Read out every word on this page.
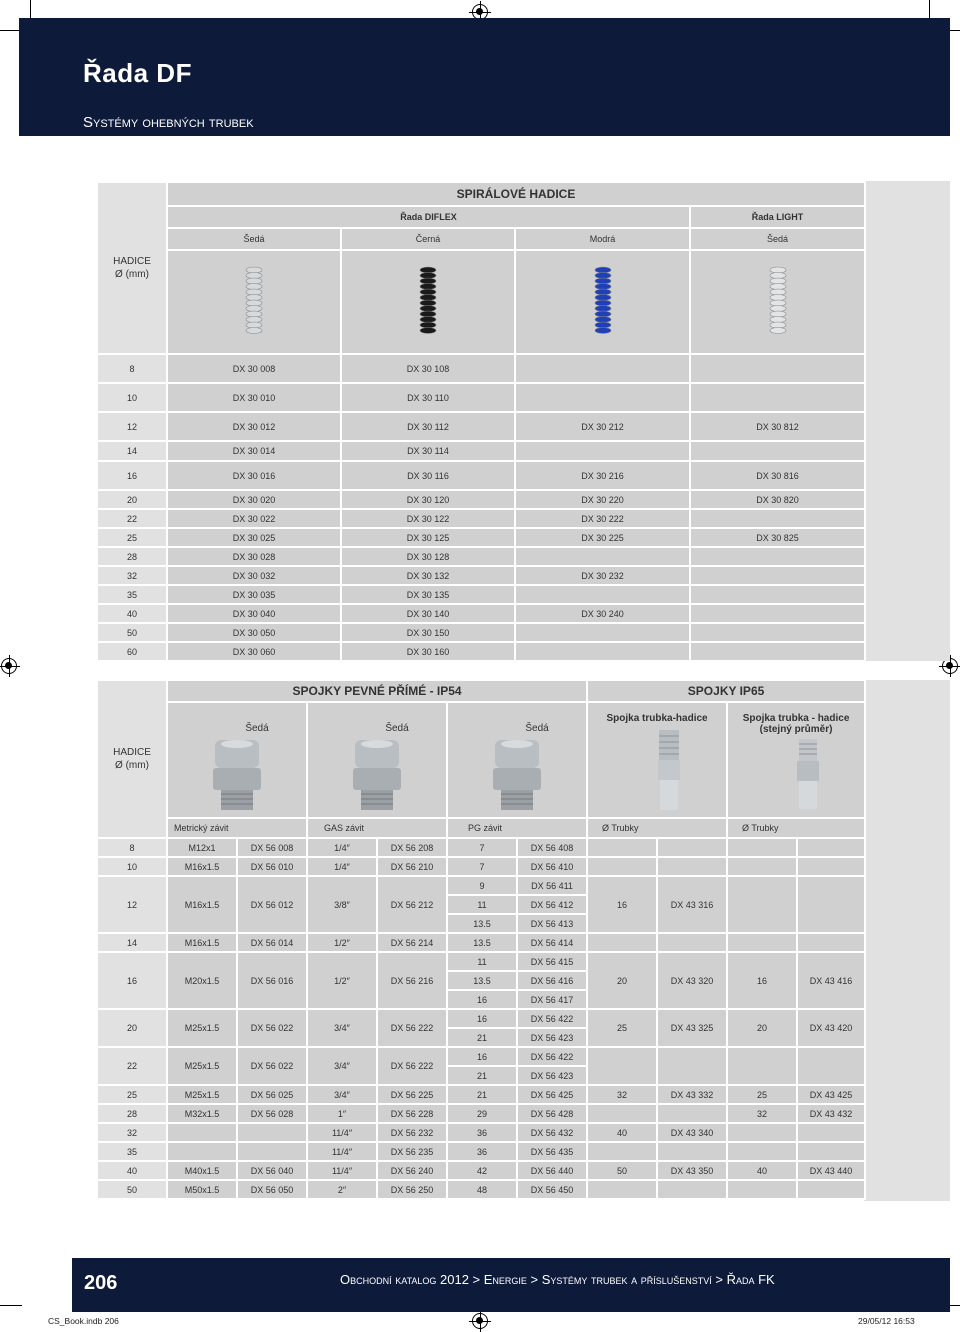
Řada DF
Systémy ohebných trubek
HADICE
Ø (mm)	SPIRÁLOVÉ HADICE			
	Řada DIFLEX			Řada LIGHT
	Šedá	Černá	Modrá	Šedá

8	DX 30 008	DX 30 108		
10	DX 30 010	DX 30 110		
12	DX 30 012	DX 30 112	DX 30 212	DX 30 812
14	DX 30 014	DX 30 114		
16	DX 30 016	DX 30 116	DX 30 216	DX 30 816
20	DX 30 020	DX 30 120	DX 30 220	DX 30 820
22	DX 30 022	DX 30 122	DX 30 222	
25	DX 30 025	DX 30 125	DX 30 225	DX 30 825
28	DX 30 028	DX 30 128		
32	DX 30 032	DX 30 132	DX 30 232	
35	DX 30 035	DX 30 135		
40	DX 30 040	DX 30 140	DX 30 240	
50	DX 30 050	DX 30 150		
60	DX 30 060	DX 30 160		
HADICE
Ø (mm)	SPOJKY PEVNÉ PŘÍMÉ - IP54						SPOJKY IP65			

	Šedá		Šedá		Šedá		Spojka trubka-hadice		Spojka trubka - hadice
(stejný průměr)	

	Metrický závit		GAS závit		PG závit		Ø Trubky		Ø Trubky	
8	M12x1	DX 56 008	1/4″	DX 56 208	7	DX 56 408				
10	M16x1.5	DX 56 010	1/4″	DX 56 210	7	DX 56 410				
12	M16x1.5	DX 56 012	3/8″	DX 56 212	9	DX 56 411	16	DX 43 316		
					11	DX 56 412				
					13.5	DX 56 413				
14	M16x1.5	DX 56 014	1/2″	DX 56 214	13.5	DX 56 414				
16	M20x1.5	DX 56 016	1/2″	DX 56 216	11	DX 56 415	20	DX 43 320	16	DX 43 416
					13.5	DX 56 416				
					16	DX 56 417				
20	M25x1.5	DX 56 022	3/4″	DX 56 222	16	DX 56 422	25	DX 43 325	20	DX 43 420
					21	DX 56 423				
22	M25x1.5	DX 56 022	3/4″	DX 56 222	16	DX 56 422				
					21	DX 56 423				
25	M25x1.5	DX 56 025	3/4″	DX 56 225	21	DX 56 425	32	DX 43 332	25	DX 43 425
28	M32x1.5	DX 56 028	1″	DX 56 228	29	DX 56 428			32	DX 43 432
32			11/4″	DX 56 232	36	DX 56 432	40	DX 43 340		
35			11/4″	DX 56 235	36	DX 56 435				
40	M40x1.5	DX 56 040	11/4″	DX 56 240	42	DX 56 440	50	DX 43 350	40	DX 43 440
50	M50x1.5	DX 56 050	2″	DX 56 250	48	DX 56 450				
206	Obchodní katalog 2012 > Energie > Systémy trubek a příslušenství > Řada FK
CS_Book.indb 206	29/05/12 16:53
